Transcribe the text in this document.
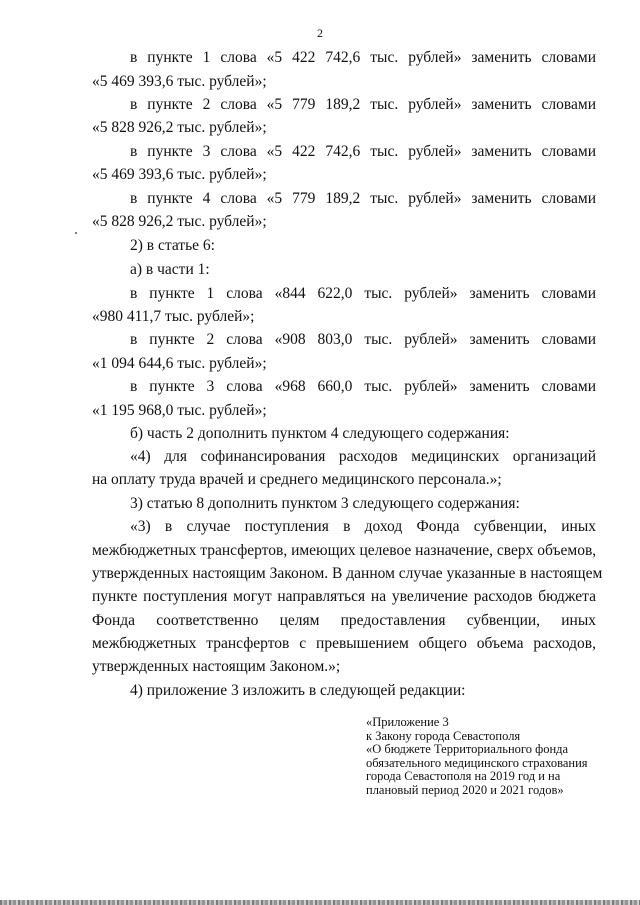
2
в пункте 1 слова «5 422 742,6 тыс. рублей» заменить словами
«5 469 393,6 тыс. рублей»;
в пункте 2 слова «5 779 189,2 тыс. рублей» заменить словами
«5 828 926,2 тыс. рублей»;
в пункте 3 слова «5 422 742,6 тыс. рублей» заменить словами
«5 469 393,6 тыс. рублей»;
в пункте 4 слова «5 779 189,2 тыс. рублей» заменить словами
«5 828 926,2 тыс. рублей»;
2) в статье 6:
а) в части 1:
в пункте 1 слова «844 622,0 тыс. рублей» заменить словами
«980 411,7 тыс. рублей»;
в пункте 2 слова «908 803,0 тыс. рублей» заменить словами
«1 094 644,6 тыс. рублей»;
в пункте 3 слова «968 660,0 тыс. рублей» заменить словами
«1 195 968,0 тыс. рублей»;
б) часть 2 дополнить пунктом 4 следующего содержания:
«4) для софинансирования расходов медицинских организаций
на оплату труда врачей и среднего медицинского персонала.»;
3) статью 8 дополнить пунктом 3 следующего содержания:
«3) в случае поступления в доход Фонда субвенции, иных
межбюджетных трансфертов, имеющих целевое назначение, сверх объемов,
утвержденных настоящим Законом. В данном случае указанные в настоящем
пункте поступления могут направляться на увеличение расходов бюджета
Фонда соответственно целям предоставления субвенции, иных
межбюджетных трансфертов с превышением общего объема расходов,
утвержденных настоящим Законом.»;
4) приложение 3 изложить в следующей редакции:
«Приложение 3
к Закону города Севастополя
«О бюджете Территориального фонда
обязательного медицинского страхования
города Севастополя на 2019 год и на
плановый период 2020 и 2021 годов»
